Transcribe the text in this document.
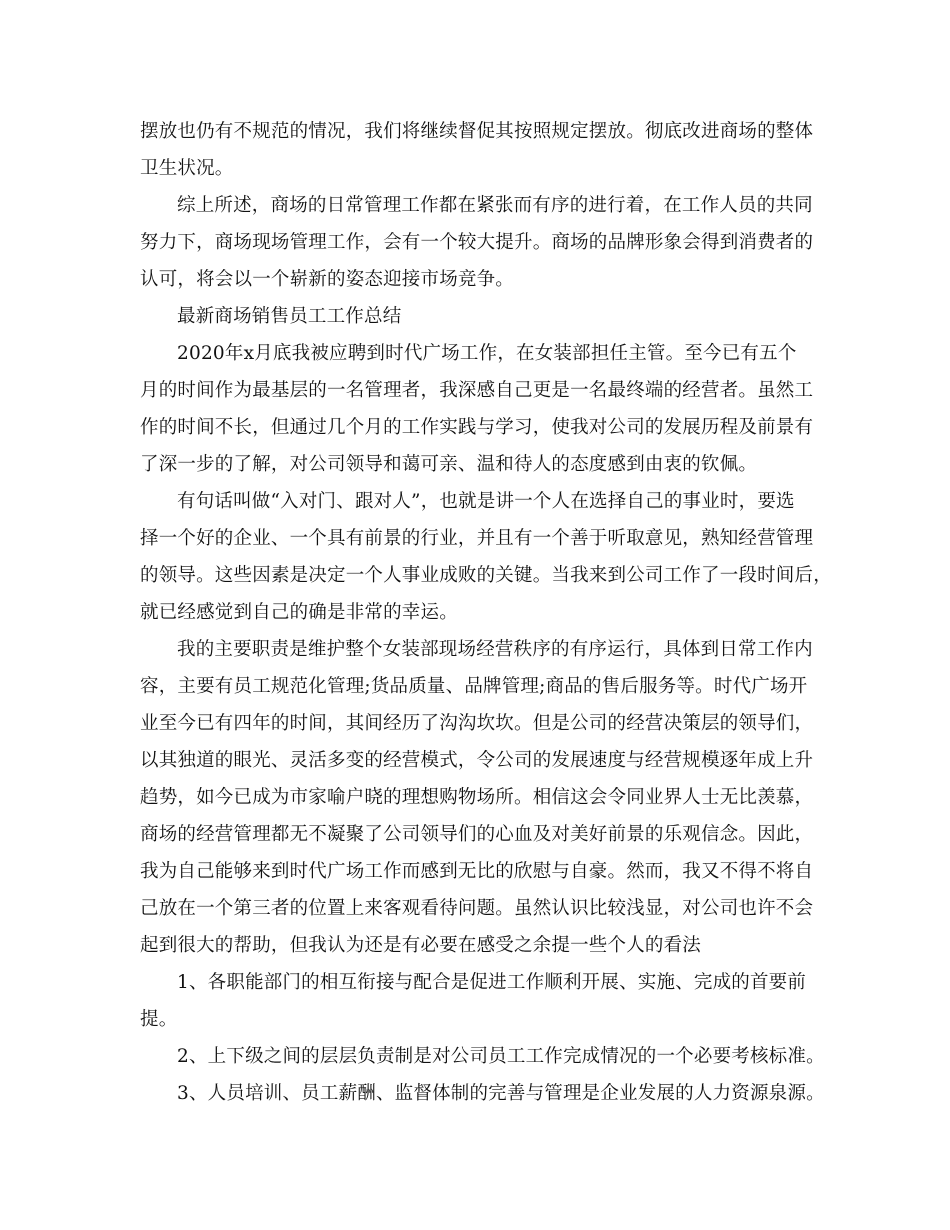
摆放也仍有不规范的情况，我们将继续督促其按照规定摆放。彻底改进商场的整体
卫生状况。
综上所述，商场的日常管理工作都在紧张而有序的进行着，在工作人员的共同
努力下，商场现场管理工作，会有一个较大提升。商场的品牌形象会得到消费者的
认可，将会以一个崭新的姿态迎接市场竞争。
最新商场销售员工工作总结
2020年x月底我被应聘到时代广场工作，在女装部担任主管。至今已有五个
月的时间作为最基层的一名管理者，我深感自己更是一名最终端的经营者。虽然工
作的时间不长，但通过几个月的工作实践与学习，使我对公司的发展历程及前景有
了深一步的了解，对公司领导和蔼可亲、温和待人的态度感到由衷的钦佩。
有句话叫做“入对门、跟对人”，也就是讲一个人在选择自己的事业时，要选
择一个好的企业、一个具有前景的行业，并且有一个善于听取意见，熟知经营管理
的领导。这些因素是决定一个人事业成败的关键。当我来到公司工作了一段时间后，
就已经感觉到自己的确是非常的幸运。
我的主要职责是维护整个女装部现场经营秩序的有序运行，具体到日常工作内
容，主要有员工规范化管理;货品质量、品牌管理;商品的售后服务等。时代广场开
业至今已有四年的时间，其间经历了沟沟坎坎。但是公司的经营决策层的领导们，
以其独道的眼光、灵活多变的经营模式，令公司的发展速度与经营规模逐年成上升
趋势，如今已成为市家喻户晓的理想购物场所。相信这会令同业界人士无比羡慕，
商场的经营管理都无不凝聚了公司领导们的心血及对美好前景的乐观信念。因此，
我为自己能够来到时代广场工作而感到无比的欣慰与自豪。然而，我又不得不将自
己放在一个第三者的位置上来客观看待问题。虽然认识比较浅显，对公司也许不会
起到很大的帮助，但我认为还是有必要在感受之余提一些个人的看法
1、各职能部门的相互衔接与配合是促进工作顺利开展、实施、完成的首要前
提。
2、上下级之间的层层负责制是对公司员工工作完成情况的一个必要考核标准。
3、人员培训、员工薪酬、监督体制的完善与管理是企业发展的人力资源泉源。
